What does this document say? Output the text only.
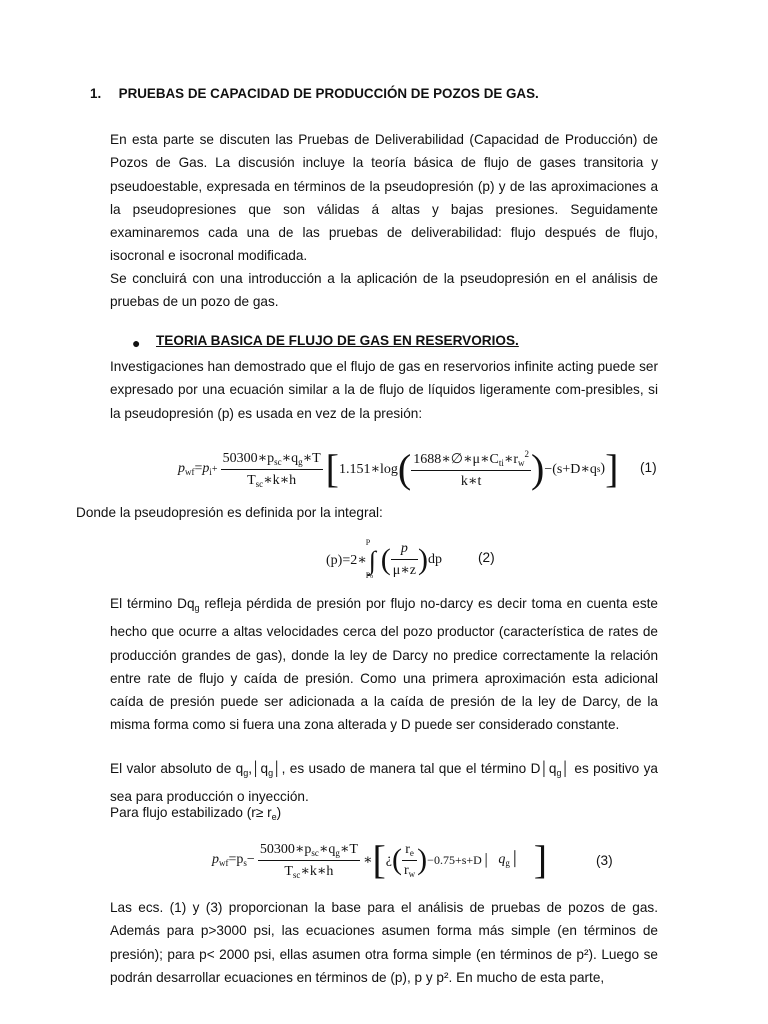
1. PRUEBAS DE CAPACIDAD DE PRODUCCIÓN DE POZOS DE GAS.

En esta parte se discuten las Pruebas de Deliverabilidad (Capacidad de Producción) de Pozos de Gas. La discusión incluye la teoría básica de flujo de gases transitoria y pseudoestable, expresada en términos de la pseudopresión (p) y de las aproximaciones a la pseudopresiones que son válidas á altas y bajas presiones. Seguidamente examinaremos cada una de las pruebas de deliverabilidad: flujo después de flujo, isocronal e isocronal modificada.

Se concluirá con una introducción a la aplicación de la pseudopresión en el análisis de pruebas de un pozo de gas.

● TEORIA BASICA DE FLUJO DE GAS EN RESERVORIOS.

Investigaciones han demostrado que el flujo de gas en reservorios infinite acting puede ser expresado por una ecuación similar a la de flujo de líquidos ligeramente com-presibles, si la pseudopresión (p) es usada en vez de la presión:

$p_{wf} = p_i + \frac{50300∗p_{sc}∗q_g∗T}{T_{sc}∗k∗h}$ [ 1.151∗log ( $\frac{1688∗\emptyset∗\mu∗C_{ti}∗r_w^2}{k∗t}$ ) −(s+D∗q s ) ] (1)
Donde la pseudopresión es definida por la integral:
(p)=2∗ ∫
P
Po
( $\frac{p}{\mu∗z}$ ) dp	(2)

El término $Dq_g$ refleja pérdida de presión por flujo no-darcy es decir toma en cuenta este hecho que ocurre a altas velocidades cerca del pozo productor (característica de rates de producción grandes de gas), donde la ley de Darcy no predice correctamente la relación entre rate de flujo y caída de presión. Como una primera aproximación esta adicional caída de presión puede ser adicionada a la caída de presión de la ley de Darcy, de la misma forma como si fuera una zona alterada y D puede ser considerado constante.

El valor absoluto de $q_g,│q_g│$, es usado de manera tal que el término $D│q_g│$ es positivo ya sea para producción o inyección.

Para flujo estabilizado $(r\ge r_e)$
$p_{wf} =p_s - \frac{50300∗p_{sc}∗q_g∗T}{T_{sc}∗k∗h}$ ∗ [ ¿ ( $\frac{r_e}{r_w}$ ) −0.75+s+D│ $q_g│$ ]	(3)

Las ecs. (1) y (3) proporcionan la base para el análisis de pruebas de pozos de gas. Además para p>3000 psi, las ecuaciones asumen forma más simple (en términos de presión); para p< 2000 psi, ellas asumen otra forma simple (en términos de p²). Luego se podrán desarrollar ecuaciones en términos de (p), p y p². En mucho de esta parte,
